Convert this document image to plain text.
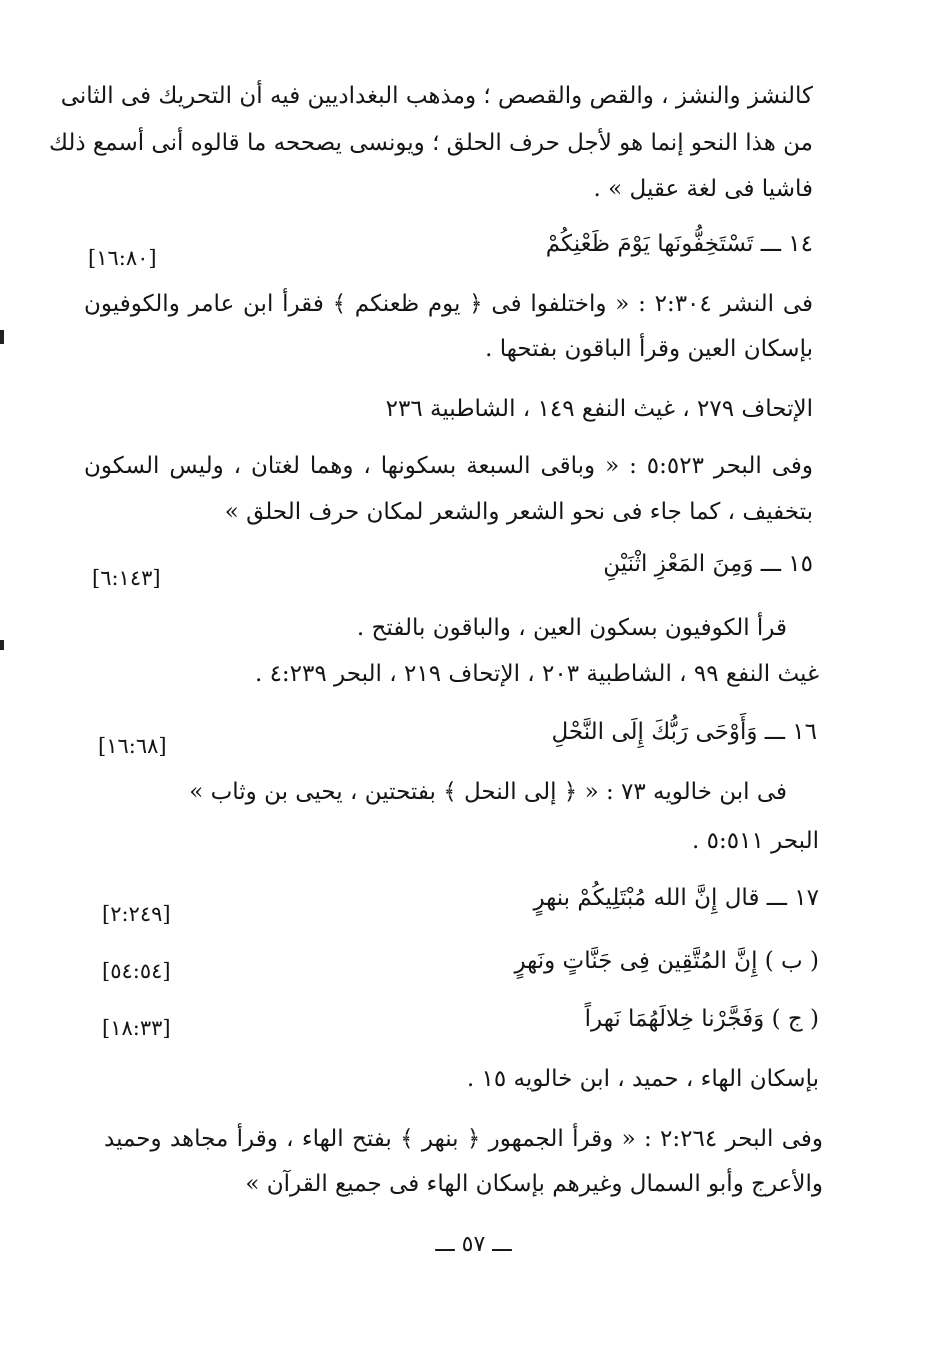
كالنشز والنشز ، والقص والقصص ؛ ومذهب البغداديين فيه أن التحريك فى الثانى
من هذا النحو إنما هو لأجل حرف الحلق ؛ ويونسى يصححه ما قالوه أنى أسمع ذلك
فاشيا فى لغة عقيل » .
١٤ ـــ تَسْتَخِفُّونَها يَوْمَ ظَعْنِكُمْ
[١٦:٨٠]
فى النشر ٢:٣٠٤ : « واختلفوا فى ﴿ يوم ظعنكم ﴾ فقرأ ابن عامر والكوفيون
بإسكان العين وقرأ الباقون بفتحها .
الإتحاف ٢٧٩ ، غيث النفع ١٤٩ ، الشاطبية ٢٣٦
وفى البحر ٥:٥٢٣ : « وباقى السبعة بسكونها ، وهما لغتان ، وليس السكون
بتخفيف ، كما جاء فى نحو الشعر والشعر لمكان حرف الحلق »
١٥ ـــ وَمِنَ المَعْزِ اثْنَيْنِ
[٦:١٤٣]
قرأ الكوفيون بسكون العين ، والباقون بالفتح .
غيث النفع ٩٩ ، الشاطبية ٢٠٣ ، الإتحاف ٢١٩ ، البحر ٤:٢٣٩ .
١٦ ـــ وَأَوْحَى رَبُّكَ إِلَى النَّحْلِ
[١٦:٦٨]
فى ابن خالويه ٧٣ : « ﴿ إلى النحل ﴾ بفتحتين ، يحيى بن وثاب »
البحر ٥:٥١١ .
١٧ ـــ قال إِنَّ الله مُبْتَلِيكُمْ بنهرٍ
[٢:٢٤٩]
( ب ) إِنَّ المُتَّقِين فِى جَنَّاتٍ ونَهرٍ
[٥٤:٥٤]
( ج ) وَفَجَّرْنا خِلالَهُمَا نَهراً
[١٨:٣٣]
بإسكان الهاء ، حميد ، ابن خالويه ١٥ .
وفى البحر ٢:٢٦٤ : « وقرأ الجمهور ﴿ بنهر ﴾ بفتح الهاء ، وقرأ مجاهد وحميد
والأعرج وأبو السمال وغيرهم بإسكان الهاء فى جميع القرآن »
ـــ ٥٧ ـــ
